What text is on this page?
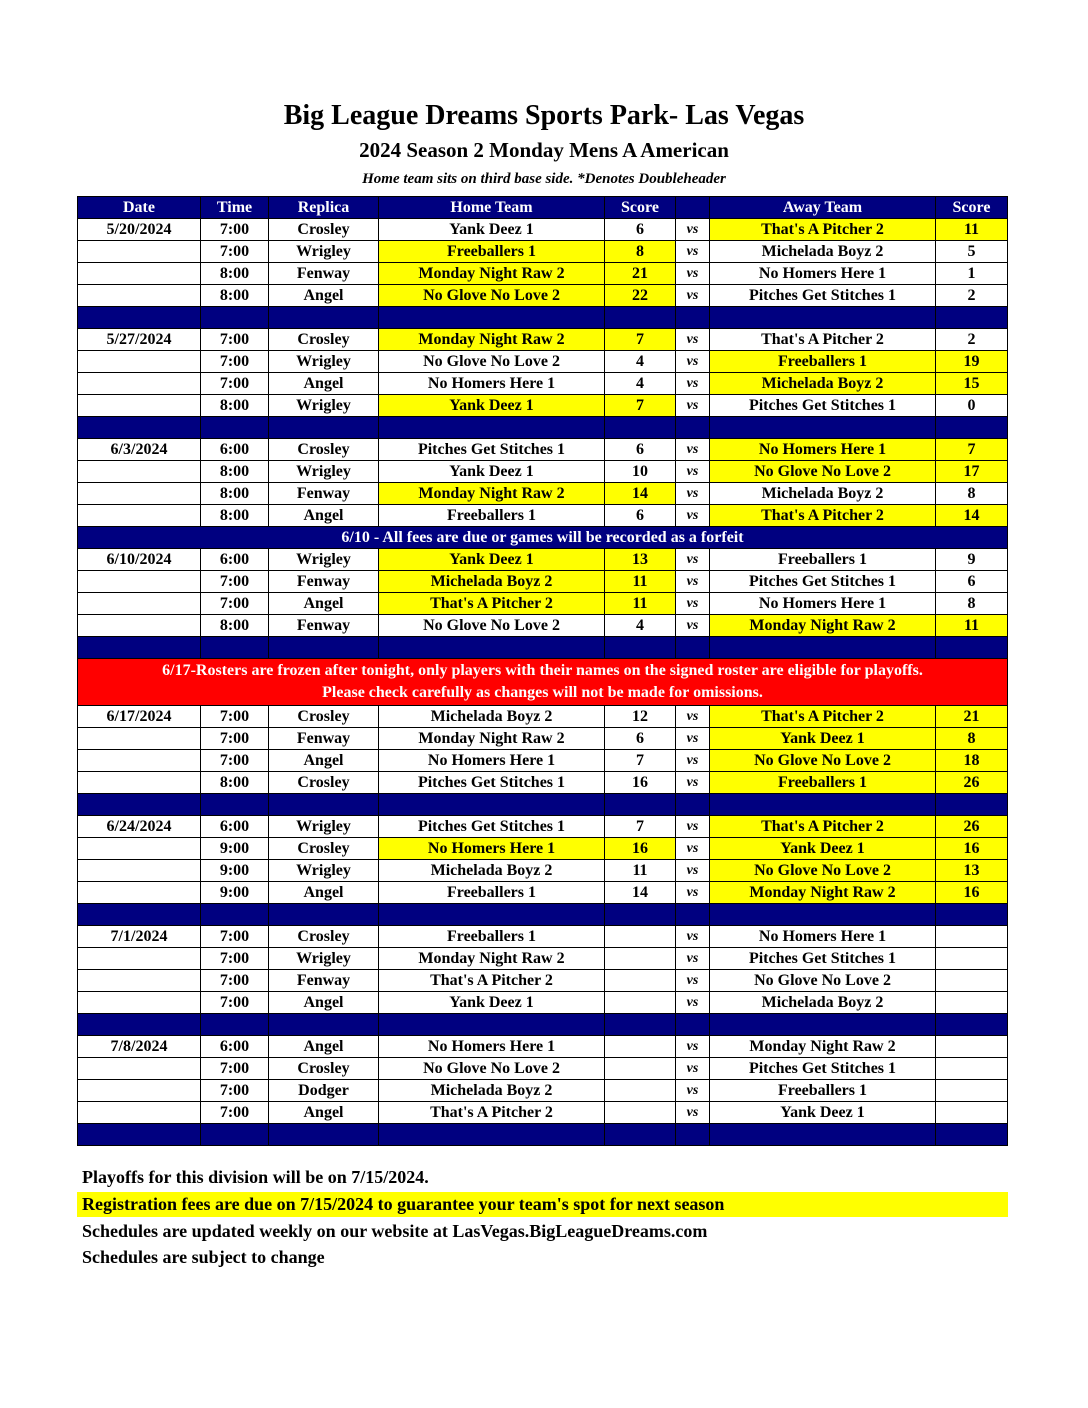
Big League Dreams Sports Park- Las Vegas
2024 Season 2 Monday Mens A American
Home team sits on third base side. *Denotes Doubleheader
Date	Time	Replica	Home Team	Score		Away Team	Score
5/20/2024	7:00	Crosley	Yank Deez 1	6	vs	That's A Pitcher 2	11
	7:00	Wrigley	Freeballers 1	8	vs	Michelada Boyz 2	5
	8:00	Fenway	Monday Night Raw 2	21	vs	No Homers Here 1	1
	8:00	Angel	No Glove No Love 2	22	vs	Pitches Get Stitches 1	2

5/27/2024	7:00	Crosley	Monday Night Raw 2	7	vs	That's A Pitcher 2	2
	7:00	Wrigley	No Glove No Love 2	4	vs	Freeballers 1	19
	7:00	Angel	No Homers Here 1	4	vs	Michelada Boyz 2	15
	8:00	Wrigley	Yank Deez 1	7	vs	Pitches Get Stitches 1	0

6/3/2024	6:00	Crosley	Pitches Get Stitches 1	6	vs	No Homers Here 1	7
	8:00	Wrigley	Yank Deez 1	10	vs	No Glove No Love 2	17
	8:00	Fenway	Monday Night Raw 2	14	vs	Michelada Boyz 2	8
	8:00	Angel	Freeballers 1	6	vs	That's A Pitcher 2	14
6/10 - All fees are due or games will be recorded as a forfeit							
6/10/2024	6:00	Wrigley	Yank Deez 1	13	vs	Freeballers 1	9
	7:00	Fenway	Michelada Boyz 2	11	vs	Pitches Get Stitches 1	6
	7:00	Angel	That's A Pitcher 2	11	vs	No Homers Here 1	8
	8:00	Fenway	No Glove No Love 2	4	vs	Monday Night Raw 2	11

6/17-Rosters are frozen after tonight, only players with their names on the signed roster are eligible for playoffs.
Please check carefully as changes will not be made for omissions.							

6/17/2024	7:00	Crosley	Michelada Boyz 2	12	vs	That's A Pitcher 2	21
	7:00	Fenway	Monday Night Raw 2	6	vs	Yank Deez 1	8
	7:00	Angel	No Homers Here 1	7	vs	No Glove No Love 2	18
	8:00	Crosley	Pitches Get Stitches 1	16	vs	Freeballers 1	26

6/24/2024	6:00	Wrigley	Pitches Get Stitches 1	7	vs	That's A Pitcher 2	26
	9:00	Crosley	No Homers Here 1	16	vs	Yank Deez 1	16
	9:00	Wrigley	Michelada Boyz 2	11	vs	No Glove No Love 2	13
	9:00	Angel	Freeballers 1	14	vs	Monday Night Raw 2	16

7/1/2024	7:00	Crosley	Freeballers 1		vs	No Homers Here 1	
	7:00	Wrigley	Monday Night Raw 2		vs	Pitches Get Stitches 1	
	7:00	Fenway	That's A Pitcher 2		vs	No Glove No Love 2	
	7:00	Angel	Yank Deez 1		vs	Michelada Boyz 2	

7/8/2024	6:00	Angel	No Homers Here 1		vs	Monday Night Raw 2	
	7:00	Crosley	No Glove No Love 2		vs	Pitches Get Stitches 1	
	7:00	Dodger	Michelada Boyz 2		vs	Freeballers 1	
	7:00	Angel	That's A Pitcher 2		vs	Yank Deez 1	

Playoffs for this division will be on 7/15/2024.
Registration fees are due on 7/15/2024 to guarantee your team's spot for next season
Schedules are updated weekly on our website at LasVegas.BigLeagueDreams.com
Schedules are subject to change
